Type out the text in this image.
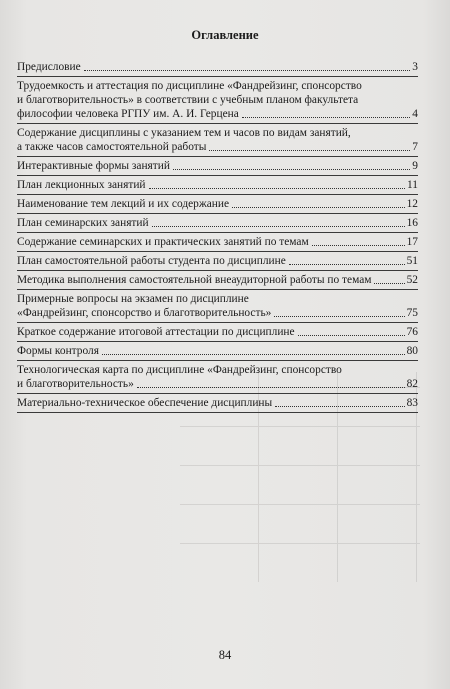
Оглавление
Предисловие	3
Трудоемкость и аттестация по дисциплине «Фандрейзинг, спонсорство
и благотворительность» в соответствии с учебным планом факультета
философии человека РГПУ им. А. И. Герцена	4
Содержание дисциплины с указанием тем и часов по видам занятий,
а также часов самостоятельной работы	7
Интерактивные формы занятий	9
План лекционных занятий	11
Наименование тем лекций и их содержание	12
План семинарских занятий	16
Содержание семинарских и практических занятий по темам	17
План самостоятельной работы студента по дисциплине	51
Методика выполнения самостоятельной внеаудиторной работы по темам	52
Примерные вопросы на экзамен по дисциплине
«Фандрейзинг, спонсорство и благотворительность»	75
Краткое содержание итоговой аттестации по дисциплине	76
Формы контроля	80
Технологическая карта по дисциплине «Фандрейзинг, спонсорство
и благотворительность»	82
Материально-техническое обеспечение дисциплины	83
84
